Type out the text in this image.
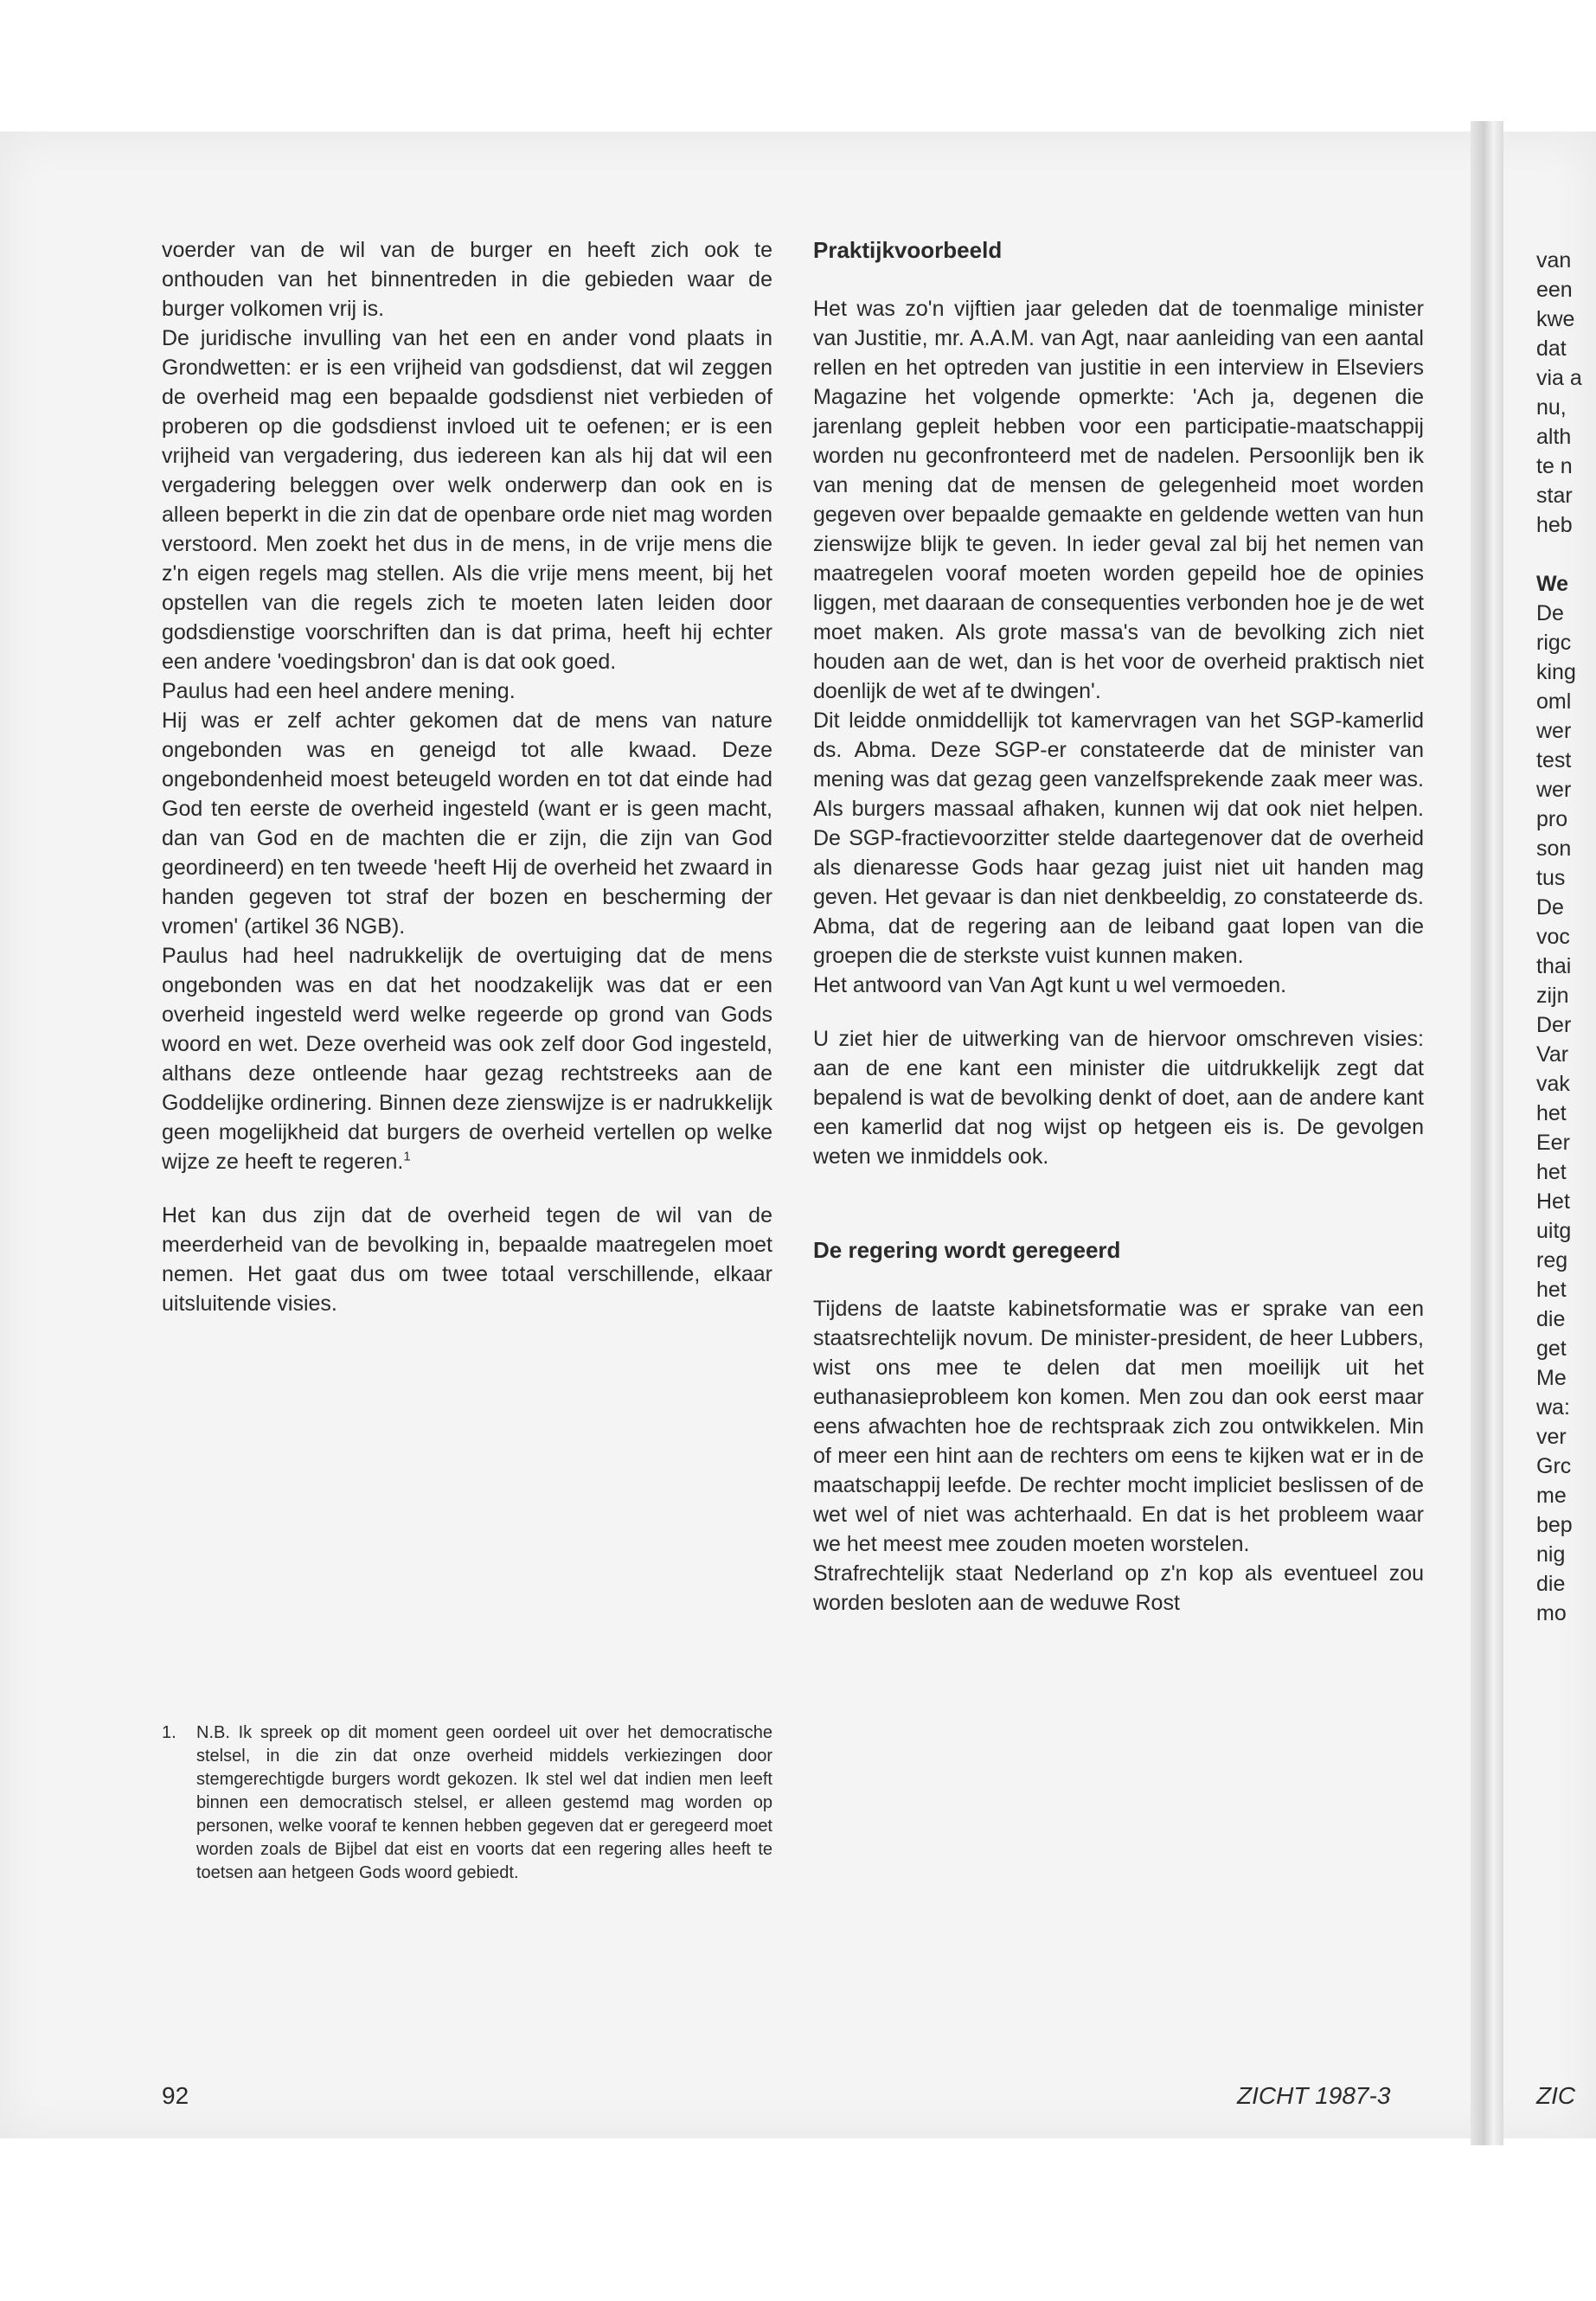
voerder van de wil van de burger en heeft zich ook te onthouden van het binnentreden in die gebieden waar de burger volkomen vrij is.

De juridische invulling van het een en ander vond plaats in Grondwetten: er is een vrijheid van godsdienst, dat wil zeggen de overheid mag een bepaalde godsdienst niet verbieden of proberen op die godsdienst invloed uit te oefenen; er is een vrijheid van vergadering, dus iedereen kan als hij dat wil een vergadering beleggen over welk onderwerp dan ook en is alleen beperkt in die zin dat de openbare orde niet mag worden verstoord. Men zoekt het dus in de mens, in de vrije mens die z'n eigen regels mag stellen. Als die vrije mens meent, bij het opstellen van die regels zich te moeten laten leiden door godsdienstige voorschriften dan is dat prima, heeft hij echter een andere 'voedingsbron' dan is dat ook goed.

Paulus had een heel andere mening.

Hij was er zelf achter gekomen dat de mens van nature ongebonden was en geneigd tot alle kwaad. Deze ongebondenheid moest beteugeld worden en tot dat einde had God ten eerste de overheid ingesteld (want er is geen macht, dan van God en de machten die er zijn, die zijn van God geordineerd) en ten tweede 'heeft Hij de overheid het zwaard in handen gegeven tot straf der bozen en bescherming der vromen' (artikel 36 NGB).

Paulus had heel nadrukkelijk de overtuiging dat de mens ongebonden was en dat het noodzakelijk was dat er een overheid ingesteld werd welke regeerde op grond van Gods woord en wet. Deze overheid was ook zelf door God ingesteld, althans deze ontleende haar gezag rechtstreeks aan de Goddelijke ordinering. Binnen deze zienswijze is er nadrukkelijk geen mogelijkheid dat burgers de overheid vertellen op welke wijze ze heeft te regeren.$^1$

Het kan dus zijn dat de overheid tegen de wil van de meerderheid van de bevolking in, bepaalde maatregelen moet nemen. Het gaat dus om twee totaal verschillende, elkaar uitsluitende visies.

1. N.B. Ik spreek op dit moment geen oordeel uit over het democratische stelsel, in die zin dat onze overheid middels verkiezingen door stemgerechtigde burgers wordt gekozen. Ik stel wel dat indien men leeft binnen een democratisch stelsel, er alleen gestemd mag worden op personen, welke vooraf te kennen hebben gegeven dat er geregeerd moet worden zoals de Bijbel dat eist en voorts dat een regering alles heeft te toetsen aan hetgeen Gods woord gebiedt.
Praktijkvoorbeeld

Het was zo'n vijftien jaar geleden dat de toenmalige minister van Justitie, mr. A.A.M. van Agt, naar aanleiding van een aantal rellen en het optreden van justitie in een interview in Elseviers Magazine het volgende opmerkte: 'Ach ja, degenen die jarenlang gepleit hebben voor een participatie-maatschappij worden nu geconfronteerd met de nadelen. Persoonlijk ben ik van mening dat de mensen de gelegenheid moet worden gegeven over bepaalde gemaakte en geldende wetten van hun zienswijze blijk te geven. In ieder geval zal bij het nemen van maatregelen vooraf moeten worden gepeild hoe de opinies liggen, met daaraan de consequenties verbonden hoe je de wet moet maken. Als grote massa's van de bevolking zich niet houden aan de wet, dan is het voor de overheid praktisch niet doenlijk de wet af te dwingen'.

Dit leidde onmiddellijk tot kamervragen van het SGP-kamerlid ds. Abma. Deze SGP-er constateerde dat de minister van mening was dat gezag geen vanzelfsprekende zaak meer was. Als burgers massaal afhaken, kunnen wij dat ook niet helpen. De SGP-fractievoorzitter stelde daartegenover dat de overheid als dienaresse Gods haar gezag juist niet uit handen mag geven. Het gevaar is dan niet denkbeeldig, zo constateerde ds. Abma, dat de regering aan de leiband gaat lopen van die groepen die de sterkste vuist kunnen maken.

Het antwoord van Van Agt kunt u wel vermoeden.

U ziet hier de uitwerking van de hiervoor omschreven visies: aan de ene kant een minister die uitdrukkelijk zegt dat bepalend is wat de bevolking denkt of doet, aan de andere kant een kamerlid dat nog wijst op hetgeen eis is. De gevolgen weten we inmiddels ook.

De regering wordt geregeerd

Tijdens de laatste kabinetsformatie was er sprake van een staatsrechtelijk novum. De minister-president, de heer Lubbers, wist ons mee te delen dat men moeilijk uit het euthanasieprobleem kon komen. Men zou dan ook eerst maar eens afwachten hoe de rechtspraak zich zou ontwikkelen. Min of meer een hint aan de rechters om eens te kijken wat er in de maatschappij leefde. De rechter mocht impliciet beslissen of de wet wel of niet was achterhaald. En dat is het probleem waar we het meest mee zouden moeten worstelen.

Strafrechtelijk staat Nederland op z'n kop als eventueel zou worden besloten aan de weduwe Rost

van
een
kwe
dat
via a
nu,
alth
te n
star
heb

We
De
rigc
king
oml
wer
test
wer
pro
son
tus
De
voc
thai
zijn
Der
Var
vak
het
Eer
het
Het
uitg
reg
het
die
get
Me
wa:
ver
Grc
me
bep
nig
die
mo
92	ZICHT 1987-3	ZIC
